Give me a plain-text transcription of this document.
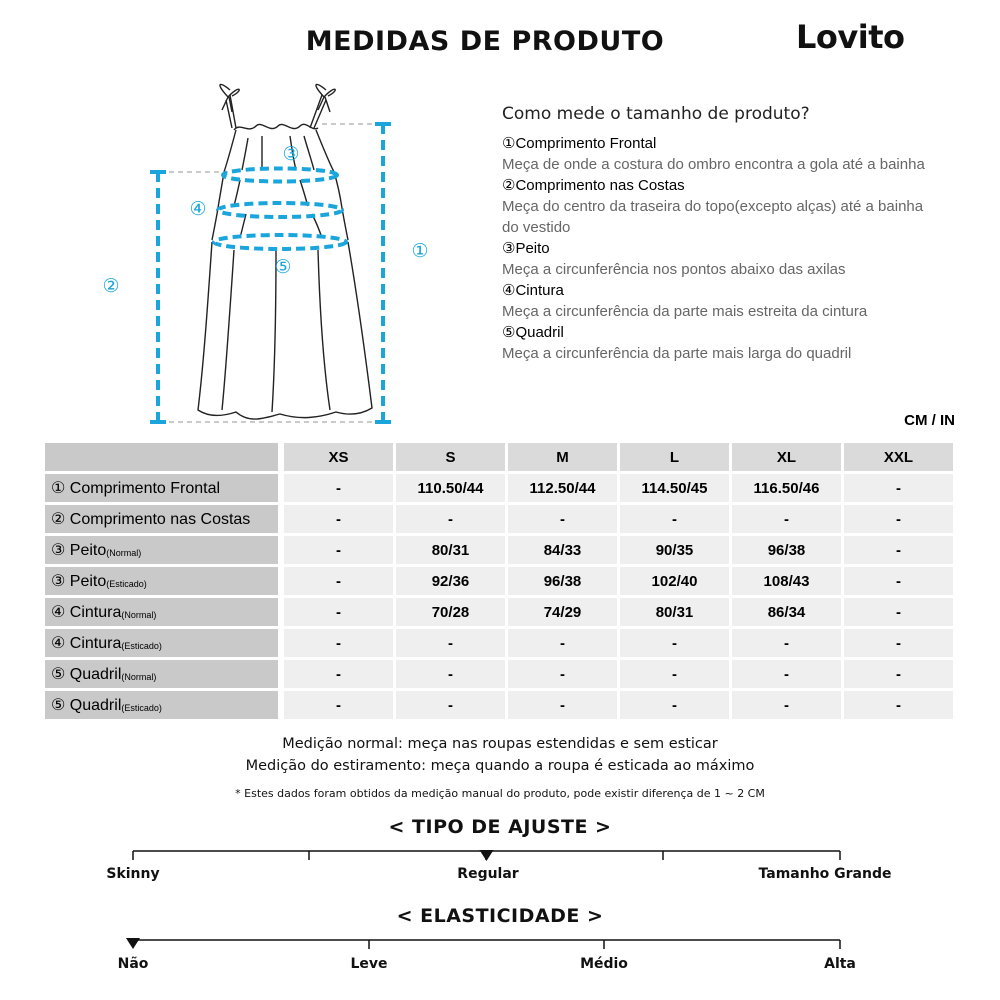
MEDIDAS DE PRODUTO	Lovito
①
②
③
④
⑤
Como mede o tamanho de produto?
①Comprimento Frontal
Meça de onde a costura do ombro encontra a gola até a bainha
②Comprimento nas Costas
Meça do centro da traseira do topo(excepto alças) até a bainha do vestido
③Peito
Meça a circunferência nos pontos abaixo das axilas
④Cintura
Meça a circunferência da parte mais estreita da cintura
⑤Quadril
Meça a circunferência da parte mais larga do quadril
CM / IN
XS	S	M	L	XL	XXL
① Comprimento Frontal	-	110.50/44	112.50/44	114.50/45	116.50/46	-
② Comprimento nas Costas	-	-	-	-	-	-
③ Peito (Normal)	-	80/31	84/33	90/35	96/38	-
③ Peito (Esticado)	-	92/36	96/38	102/40	108/43	-
④ Cintura (Normal)	-	70/28	74/29	80/31	86/34	-
④ Cintura (Esticado)	-	-	-	-	-	-
⑤ Quadril (Normal)	-	-	-	-	-	-
⑤ Quadril (Esticado)	-	-	-	-	-	-
Medição normal: meça nas roupas estendidas e sem esticar
Medição do estiramento: meça quando a roupa é esticada ao máximo
* Estes dados foram obtidos da medição manual do produto, pode existir diferença de 1 ~ 2 CM
< TIPO DE AJUSTE >
Skinny	Regular	Tamanho Grande
< ELASTICIDADE >
Não	Leve	Médio	Alta
